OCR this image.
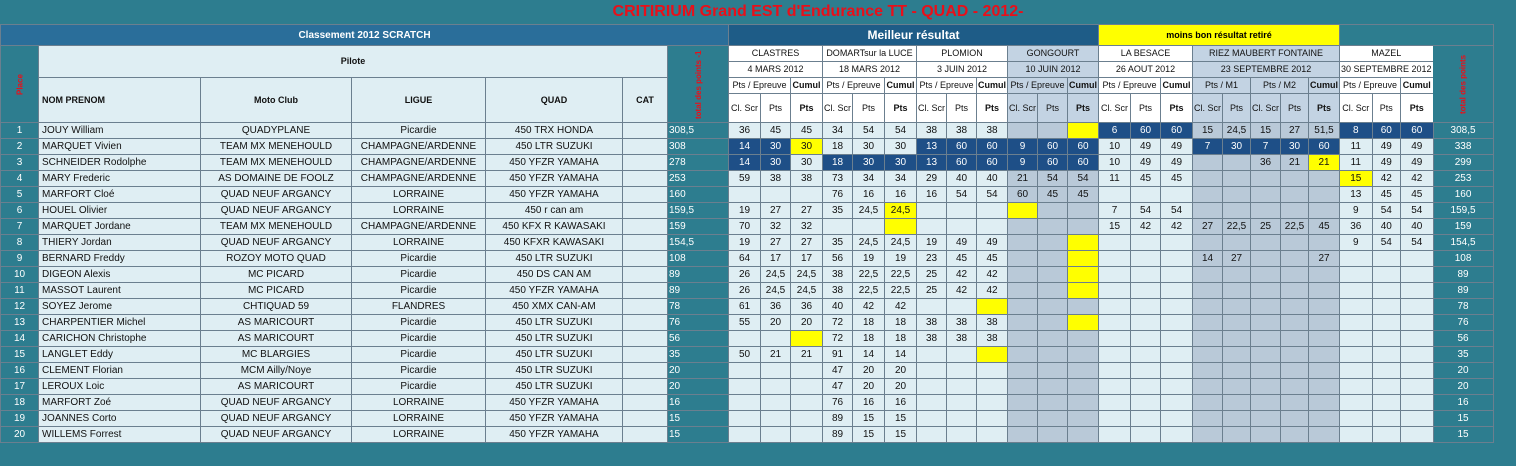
CRITIRIUM Grand EST d'Endurance TT - QUAD - 2012-
Classement 2012 SCRATCH							Meilleur résultat												moins bon résultat retiré											
Place	Pilote					total des points -1	CLASTRES			DOMARTsur la LUCE			PLOMION			GONGOURT			LA BESACE			RIEZ MAUBERT FONTAINE					MAZEL			total des points
							4 MARS 2012			18 MARS 2012			3 JUIN 2012			10 JUIN 2012			26 AOUT 2012			23 SEPTEMBRE 2012					30 SEPTEMBRE 2012			
	NOM PRENOM	Moto Club	LIGUE	QUAD	CAT		Pts / Epreuve		Cumul	Pts / Epreuve		Cumul	Pts / Epreuve		Cumul	Pts / Epreuve		Cumul	Pts / Epreuve		Cumul	Pts / M1		Pts / M2		Cumul	Pts / Epreuve		Cumul	
							Cl. Scr	Pts	Pts	Cl. Scr	Pts	Pts	Cl. Scr	Pts	Pts	Cl. Scr	Pts	Pts	Cl. Scr	Pts	Pts	Cl. Scr	Pts	Cl. Scr	Pts	Pts	Cl. Scr	Pts	Pts	
1	JOUY William	QUADYPLANE	Picardie	450 TRX HONDA		308,5	36	45	45	34	54	54	38	38	38				6	60	60	15	24,5	15	27	51,5	8	60	60	308,5
2	MARQUET Vivien	TEAM MX MENEHOULD	CHAMPAGNE/ARDENNE	450 LTR SUZUKI		308	14	30	30	18	30	30	13	60	60	9	60	60	10	49	49	7	30	7	30	60	11	49	49	338
3	SCHNEIDER Rodolphe	TEAM MX MENEHOULD	CHAMPAGNE/ARDENNE	450 YFZR YAMAHA		278	14	30	30	18	30	30	13	60	60	9	60	60	10	49	49			36	21	21	11	49	49	299
4	MARY Frederic	AS DOMAINE DE FOOLZ	CHAMPAGNE/ARDENNE	450 YFZR YAMAHA		253	59	38	38	73	34	34	29	40	40	21	54	54	11	45	45						15	42	42	253
5	MARFORT Cloé	QUAD NEUF ARGANCY	LORRAINE	450 YFZR YAMAHA		160				76	16	16	16	54	54	60	45	45									13	45	45	160
6	HOUEL Olivier	QUAD NEUF ARGANCY	LORRAINE	450 r can am		159,5	19	27	27	35	24,5	24,5							7	54	54						9	54	54	159,5
7	MARQUET Jordane	TEAM MX MENEHOULD	CHAMPAGNE/ARDENNE	450 KFX R KAWASAKI		159	70	32	32										15	42	42	27	22,5	25	22,5	45	36	40	40	159
8	THIERY Jordan	QUAD NEUF ARGANCY	LORRAINE	450 KFXR KAWASAKI		154,5	19	27	27	35	24,5	24,5	19	49	49												9	54	54	154,5
9	BERNARD Freddy	ROZOY MOTO QUAD	Picardie	450 LTR SUZUKI		108	64	17	17	56	19	19	23	45	45							14	27			27				108
10	DIGEON Alexis	MC PICARD	Picardie	450 DS CAN AM		89	26	24,5	24,5	38	22,5	22,5	25	42	42															89
11	MASSOT Laurent	MC PICARD	Picardie	450 YFZR YAMAHA		89	26	24,5	24,5	38	22,5	22,5	25	42	42															89
12	SOYEZ Jerome	CHTIQUAD 59	FLANDRES	450 XMX CAN-AM		78	61	36	36	40	42	42																		78
13	CHARPENTIER Michel	AS MARICOURT	Picardie	450 LTR SUZUKI		76	55	20	20	72	18	18	38	38	38															76
14	CARICHON Christophe	AS MARICOURT	Picardie	450 LTR SUZUKI		56				72	18	18	38	38	38															56
15	LANGLET Eddy	MC BLARGIES	Picardie	450 LTR SUZUKI		35	50	21	21	91	14	14																		35
16	CLEMENT Florian	MCM Ailly/Noye	Picardie	450 LTR SUZUKI		20				47	20	20																		20
17	LEROUX Loic	AS MARICOURT	Picardie	450 LTR SUZUKI		20				47	20	20																		20
18	MARFORT Zoé	QUAD NEUF ARGANCY	LORRAINE	450 YFZR YAMAHA		16				76	16	16																		16
19	JOANNES Corto	QUAD NEUF ARGANCY	LORRAINE	450 YFZR YAMAHA		15				89	15	15																		15
20	WILLEMS Forrest	QUAD NEUF ARGANCY	LORRAINE	450 YFZR YAMAHA		15				89	15	15																		15
